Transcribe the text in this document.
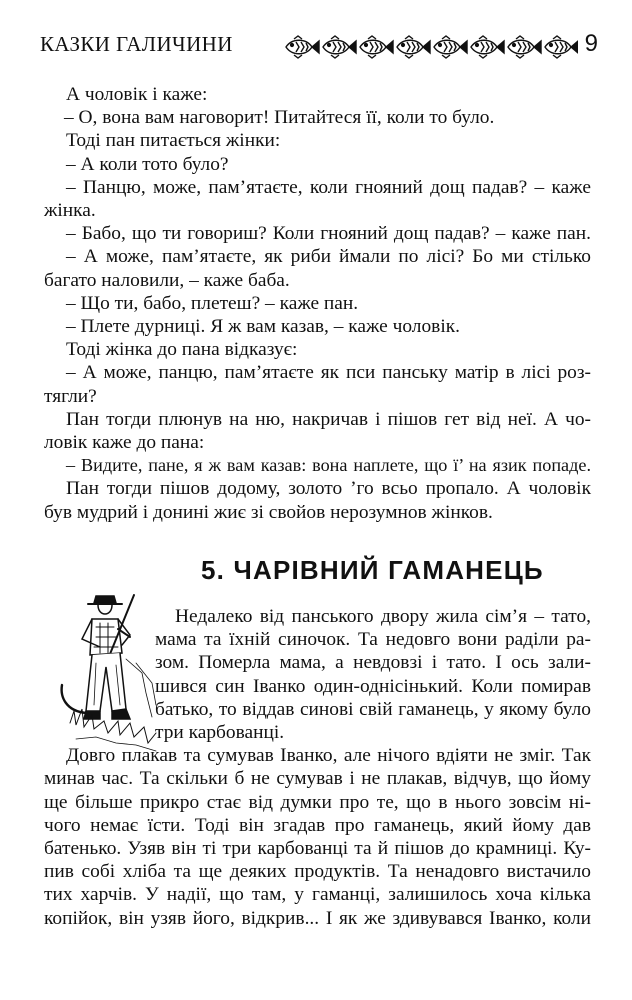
КАЗКИ ГАЛИЧИНИ	9
А чоловік і каже:
– О, вона вам наговорит! Питайтеся її, коли то було.
Тоді пан питається жінки:
– А коли тото було?
– Панцю, може, пам’ятаєте, коли гнояний дощ падав? – каже
жінка.
– Бабо, що ти говориш? Коли гнояний дощ падав? – каже пан.
– А може, пам’ятаєте, як риби ймали по лісі? Бо ми стілько
багато наловили, – каже баба.
– Що ти, бабо, плетеш? – каже пан.
– Плете дурниці. Я ж вам казав, – каже чоловік.
Тоді жінка до пана відказує:
– А може, панцю, пам’ятаєте як пси панську матір в лісі роз-
тягли?
Пан тогди плюнув на ню, накричав і пішов гет від неї. А чо-
ловік каже до пана:
– Видите, пане, я ж вам казав: вона наплете, що ї’ на язик попаде.
Пан тогди пішов додому, золото ’го всьо пропало. А чоловік
був мудрий і донині жиє зі свойов нерозумнов жінков.
5. ЧАРІВНИЙ ГАМАНЕЦЬ
Недалеко від панського двору жила сім’я – тато,
мама та їхній синочок. Та недовго вони раділи ра-
зом. Померла мама, а невдовзі і тато. І ось зали-
шився син Іванко один-однісінький. Коли помирав
батько, то віддав синові свій гаманець, у якому було
три карбованці.
Довго плакав та сумував Іванко, але нічого вдіяти не зміг. Так
минав час. Та скільки б не сумував і не плакав, відчув, що йому
ще більше прикро стає від думки про те, що в нього зовсім ні-
чого немає їсти. Тоді він згадав про гаманець, який йому дав
батенько. Узяв він ті три карбованці та й пішов до крамниці. Ку-
пив собі хліба та ще деяких продуктів. Та ненадовго вистачило
тих харчів. У надії, що там, у гаманці, залишилось хоча кілька
копійок, він узяв його, відкрив... І як же здивувався Іванко, коли
